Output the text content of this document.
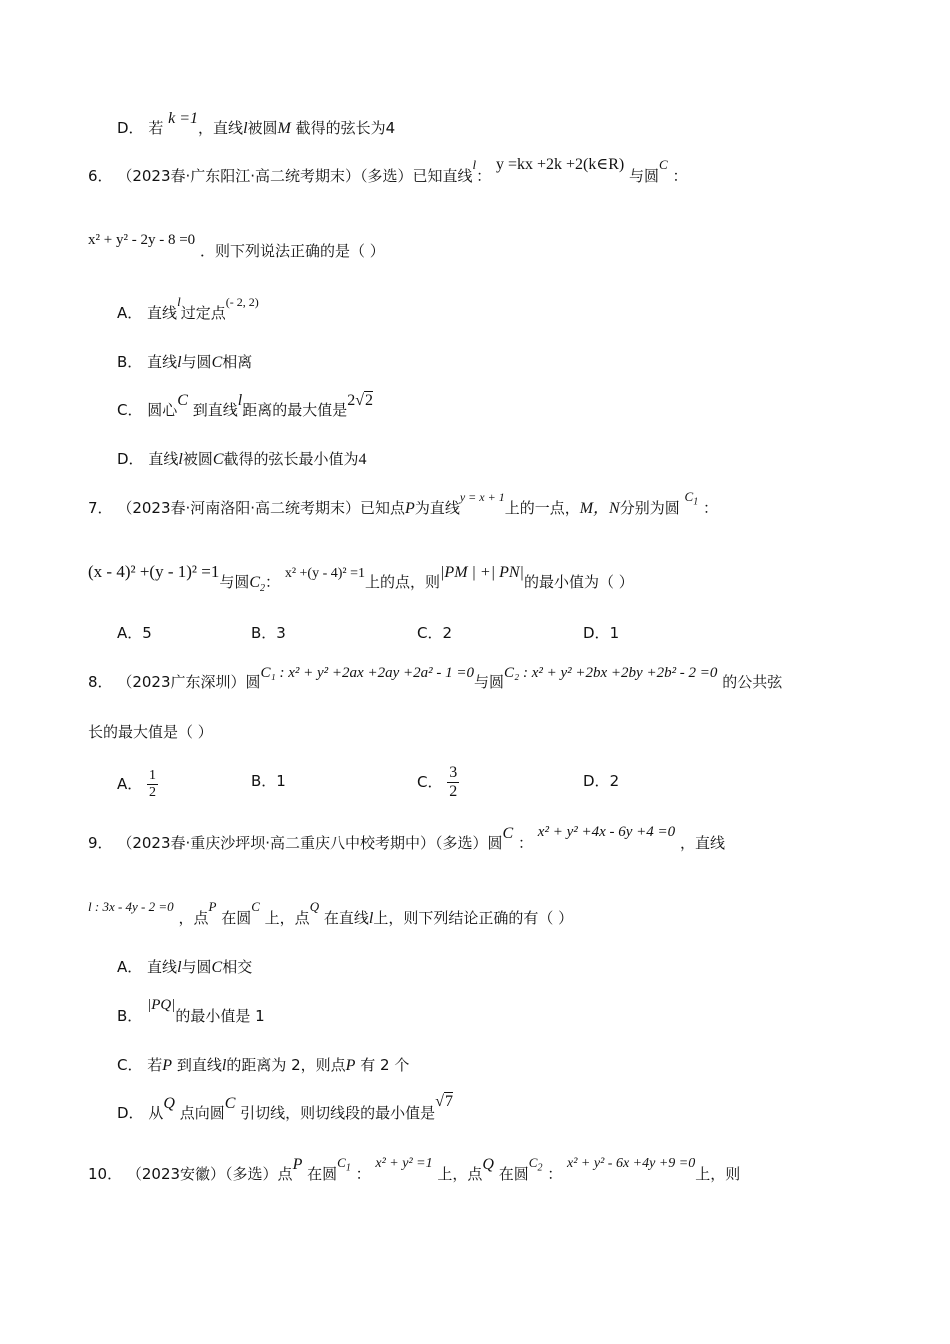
D． 若 k =1，直线l被圆M 截得的弦长为4
6． （2023春·广东阳江·高二统考期末）（多选）已知直线l： y =kx +2k +2(k∈R) 与圆C ：
x² + y² - 2y - 8 =0 ．则下列说法正确的是（ ）
A． 直线l过定点$^{(- 2, 2)}$
B． 直线l与圆C相离
C． 圆心C 到直线l距离的最大值是2√2
D． 直线l被圆C截得的弦长最小值为4
7． （2023春·河南洛阳·高二统考期末）已知点P为直线$^{y = x + 1}$上的一点，M，N分别为圆 $C_1$ ：
(x - 4)² +(y - 1)² =1与圆$C_2$： x² +(y - 4)² =1上的点，则|PM | +| PN|的最小值为（ ）
A．5	B．3	C．2	D．1
8． （2023广东深圳）圆C₁ : x² + y² +2ax +2ay +2a² - 1 =0与圆C₂ : x² + y² +2bx +2by +2b² - 2 =0 的公共弦
长的最大值是（ ）
A． $\frac{1}{2}$	B．1	C． $\frac{3}{2}$	D．2
9． （2023春·重庆沙坪坝·高二重庆八中校考期中）（多选）圆C ： x² + y² +4x - 6y +4 =0 ，直线
l : 3x - 4y - 2 =0 ，点P 在圆C 上，点Q 在直线l上，则下列结论正确的有（ ）
A． 直线l与圆C相交
B． |PQ|的最小值是 1
C． 若P 到直线l的距离为 2，则点P 有 2 个
D． 从Q 点向圆C 引切线，则切线段的最小值是√7
10． （2023安徽）（多选）点P 在圆$C_1$ ： x² + y² =1 上，点Q 在圆$C_2$ ： x² + y² - 6x +4y +9 =0上，则
